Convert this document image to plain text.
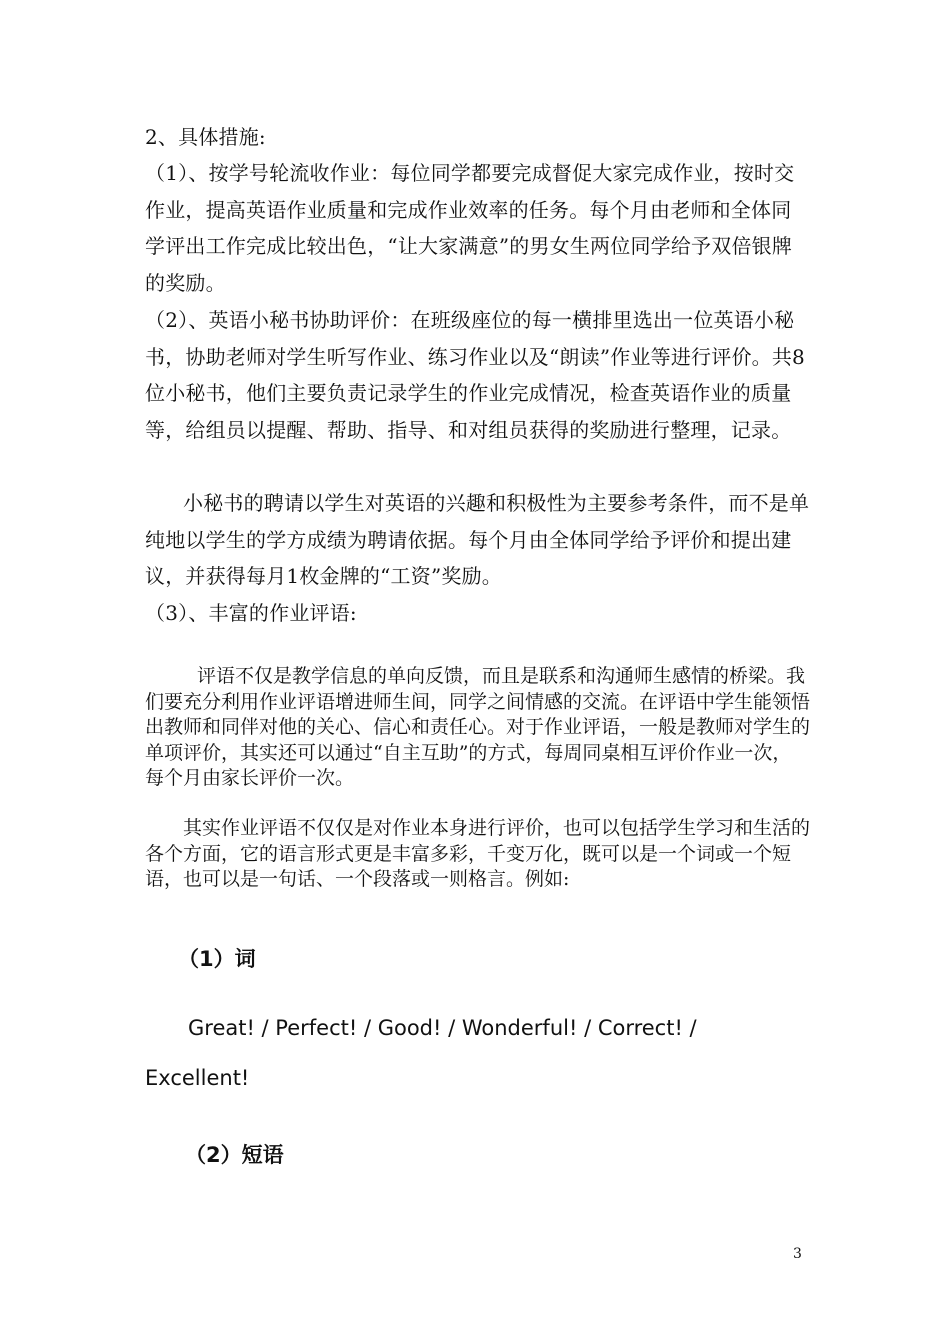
2、具体措施:

（1）、按学号轮流收作业：每位同学都要完成督促大家完成作业，按时交作业，提高英语作业质量和完成作业效率的任务。每个月由老师和全体同学评出工作完成比较出色，“让大家满意”的男女生两位同学给予双倍银牌的奖励。

（2）、英语小秘书协助评价：在班级座位的每一横排里选出一位英语小秘书，协助老师对学生听写作业、练习作业以及“朗读”作业等进行评价。共8位小秘书，他们主要负责记录学生的作业完成情况，检查英语作业的质量等，给组员以提醒、帮助、指导、和对组员获得的奖励进行整理，记录。

小秘书的聘请以学生对英语的兴趣和积极性为主要参考条件，而不是单纯地以学生的学方成绩为聘请依据。每个月由全体同学给予评价和提出建议，并获得每月1枚金牌的“工资”奖励。

（3）、丰富的作业评语:

评语不仅是教学信息的单向反馈，而且是联系和沟通师生感情的桥梁。我们要充分利用作业评语增进师生间，同学之间情感的交流。在评语中学生能领悟出教师和同伴对他的关心、信心和责任心。对于作业评语，一般是教师对学生的单项评价，其实还可以通过“自主互助”的方式，每周同桌相互评价作业一次，每个月由家长评价一次。

其实作业评语不仅仅是对作业本身进行评价，也可以包括学生学习和生活的各个方面，它的语言形式更是丰富多彩，千变万化，既可以是一个词或一个短语，也可以是一句话、一个段落或一则格言。例如:

（1）词

Great! / Perfect! / Good! / Wonderful! / Correct! /

Excellent!

（2）短语

3
